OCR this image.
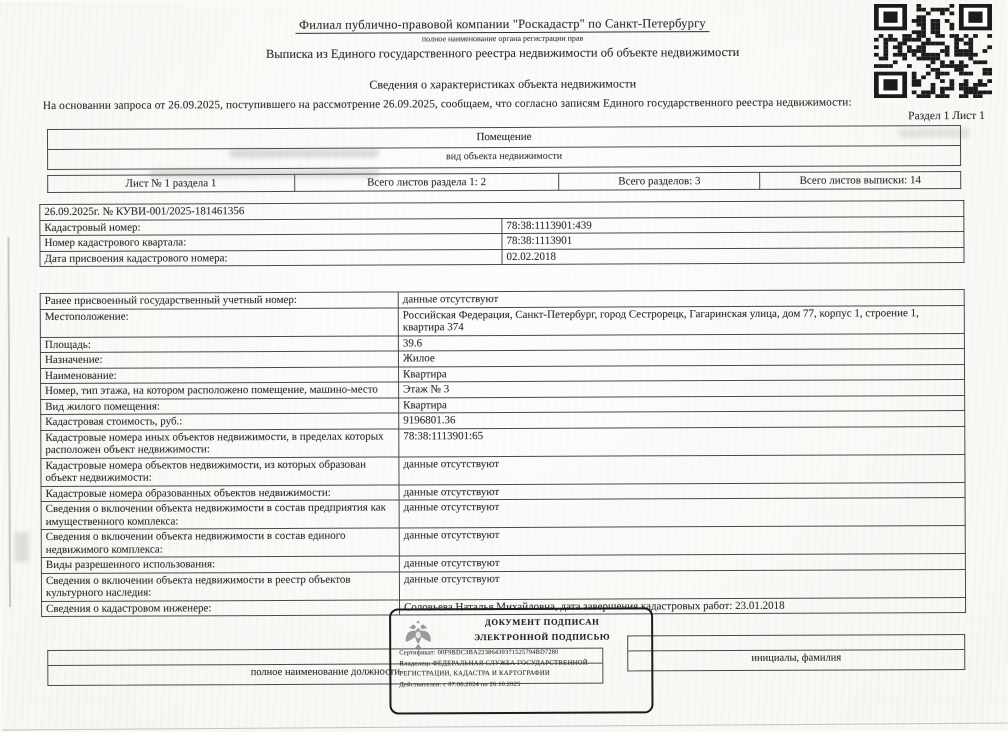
Филиал публично-правовой компании "Роскадастр" по Санкт-Петербургу
полное наименование органа регистрации прав
Выписка из Единого государственного реестра недвижимости об объекте недвижимости
Сведения о характеристиках объекта недвижимости
На основании запроса от 26.09.2025, поступившего на рассмотрение 26.09.2025, сообщаем, что согласно записям Единого государственного реестра недвижимости:
Раздел 1 Лист 1
Помещение
вид объекта недвижимости
Лист № 1 раздела 1	Всего листов раздела 1: 2	Всего разделов: 3	Всего листов выписки: 14
26.09.2025г. № КУВИ-001/2025-181461356	
Кадастровый номер:	78:38:1113901:439
Номер кадастрового квартала:	78:38:1113901
Дата присвоения кадастрового номера:	02.02.2018
Ранее присвоенный государственный учетный номер:	данные отсутствуют
Местоположение:	Российская Федерация, Санкт-Петербург, город Сестрорецк, Гагаринская улица, дом 77, корпус 1, строение 1, квартира 374
Площадь:	39.6
Назначение:	Жилое
Наименование:	Квартира
Номер, тип этажа, на котором расположено помещение, машино-место	Этаж № 3
Вид жилого помещения:	Квартира
Кадастровая стоимость, руб.:	9196801.36
Кадастровые номера иных объектов недвижимости, в пределах которых расположен объект недвижимости:	78:38:1113901:65
Кадастровые номера объектов недвижимости, из которых образован объект недвижимости:	данные отсутствуют
Кадастровые номера образованных объектов недвижимости:	данные отсутствуют
Сведения о включении объекта недвижимости в состав предприятия как имущественного комплекса:	данные отсутствуют
Сведения о включении объекта недвижимости в состав единого недвижимого комплекса:	данные отсутствуют
Виды разрешенного использования:	данные отсутствуют
Сведения о включении объекта недвижимости в реестр объектов культурного наследия:	данные отсутствуют
Сведения о кадастровом инженере:	Соловьева Наталья Михайловна, дата завершения кадастровых работ: 23.01.2018
полное наименование должности
инициалы, фамилия
ДОКУМЕНТ ПОДПИСАН
ЭЛЕКТРОННОЙ ПОДПИСЬЮ
Сертификат: 00F9BDC3BA22386439371525794BD7280
Владелец: ФЕДЕРАЛЬНАЯ СЛУЖБА ГОСУДАРСТВЕННОЙ
РЕГИСТРАЦИИ, КАДАСТРА И КАРТОГРАФИИ
Действителен: с 07.08.2024 по 26.10.2025
